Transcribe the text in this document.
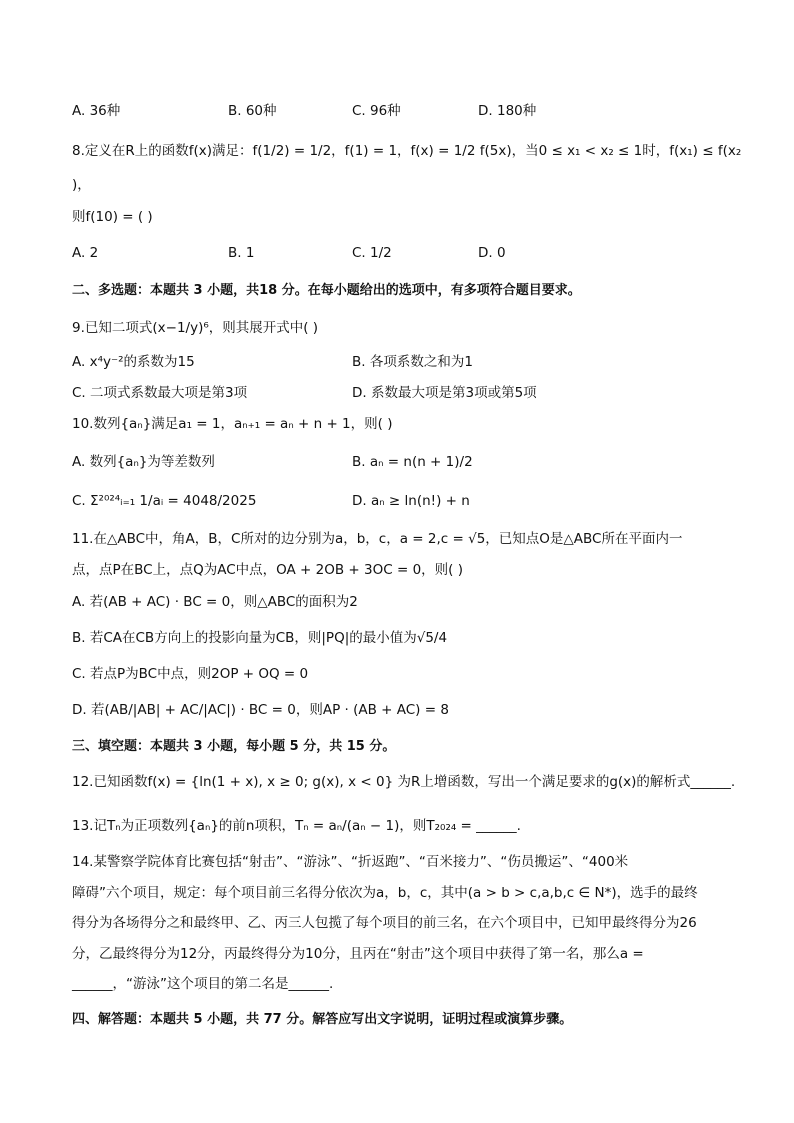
A. 36种	B. 60种	C. 96种	D. 180种
8.定义在R上的函数f(x)满足：f(1/2) = 1/2，f(1) = 1，f(x) = 1/2 f(5x)，当0 ≤ x₁ < x₂ ≤ 1时，f(x₁) ≤ f(x₂
)，
则f(10) = ( )
A. 2	B. 1	C. 1/2	D. 0
二、多选题：本题共 3 小题，共18 分。在每小题给出的选项中，有多项符合题目要求。
9.已知二项式(x−1/y)⁶，则其展开式中( )
A. x⁴y⁻²的系数为15	B. 各项系数之和为1
C. 二项式系数最大项是第3项	D. 系数最大项是第3项或第5项
10.数列{aₙ}满足a₁ = 1，aₙ₊₁ = aₙ + n + 1，则( )
A. 数列{aₙ}为等差数列	B. aₙ = n(n + 1)/2
C. Σ²⁰²⁴ᵢ₌₁ 1/aᵢ = 4048/2025	D. aₙ ≥ ln(n!) + n
11.在△ABC中，角A，B，C所对的边分别为a，b，c，a = 2,c = √5，已知点O是△ABC所在平面内一
点，点P在BC上，点Q为AC中点，OA + 2OB + 3OC = 0，则( )
A. 若(AB + AC) · BC = 0，则△ABC的面积为2
B. 若CA在CB方向上的投影向量为CB，则|PQ|的最小值为√5/4
C. 若点P为BC中点，则2OP + OQ = 0
D. 若(AB/|AB| + AC/|AC|) · BC = 0，则AP · (AB + AC) = 8
三、填空题：本题共 3 小题，每小题 5 分，共 15 分。
12.已知函数f(x) = {ln(1 + x), x ≥ 0; g(x), x < 0} 为R上增函数，写出一个满足要求的g(x)的解析式______.
13.记Tₙ为正项数列{aₙ}的前n项积，Tₙ = aₙ/(aₙ − 1)，则T₂₀₂₄ = ______.
14.某警察学院体育比赛包括“射击”、“游泳”、“折返跑”、“百米接力”、“伤员搬运”、“400米
障碍”六个项目，规定：每个项目前三名得分依次为a，b，c，其中(a > b > c,a,b,c ∈ N*)，选手的最终
得分为各场得分之和最终甲、乙、丙三人包揽了每个项目的前三名，在六个项目中，已知甲最终得分为26
分，乙最终得分为12分，丙最终得分为10分，且丙在“射击”这个项目中获得了第一名，那么a =
______，“游泳”这个项目的第二名是______.
四、解答题：本题共 5 小题，共 77 分。解答应写出文字说明，证明过程或演算步骤。
